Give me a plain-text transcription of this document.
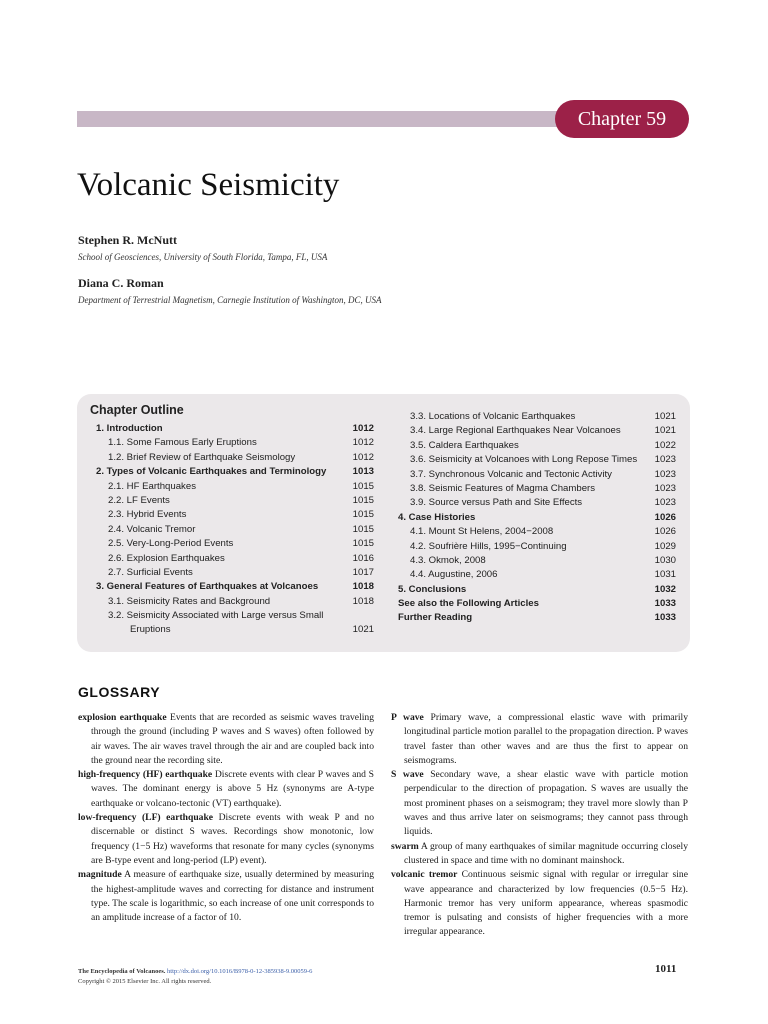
Chapter 59
Volcanic Seismicity
Stephen R. McNutt
School of Geosciences, University of South Florida, Tampa, FL, USA
Diana C. Roman
Department of Terrestrial Magnetism, Carnegie Institution of Washington, DC, USA
Chapter Outline
1. Introduction	1012
1.1. Some Famous Early Eruptions	1012
1.2. Brief Review of Earthquake Seismology	1012
2. Types of Volcanic Earthquakes and Terminology	1013
2.1. HF Earthquakes	1015
2.2. LF Events	1015
2.3. Hybrid Events	1015
2.4. Volcanic Tremor	1015
2.5. Very-Long-Period Events	1015
2.6. Explosion Earthquakes	1016
2.7. Surficial Events	1017
3. General Features of Earthquakes at Volcanoes	1018
3.1. Seismicity Rates and Background	1018
3.2. Seismicity Associated with Large versus Small
Eruptions	1021
3.3. Locations of Volcanic Earthquakes	1021
3.4. Large Regional Earthquakes Near Volcanoes	1021
3.5. Caldera Earthquakes	1022
3.6. Seismicity at Volcanoes with Long Repose Times 1023
3.7. Synchronous Volcanic and Tectonic Activity	1023
3.8. Seismic Features of Magma Chambers	1023
3.9. Source versus Path and Site Effects	1023
4. Case Histories	1026
4.1. Mount St Helens, 2004−2008	1026
4.2. Soufrière Hills, 1995−Continuing	1029
4.3. Okmok, 2008	1030
4.4. Augustine, 2006	1031
5. Conclusions	1032
See also the Following Articles	1033
Further Reading	1033
GLOSSARY

explosion earthquake Events that are recorded as seismic waves traveling through the ground (including P waves and S waves) often followed by air waves. The air waves travel through the air and are coupled back into the ground near the recording site.

high-frequency (HF) earthquake Discrete events with clear P waves and S waves. The dominant energy is above 5 Hz (synonyms are A-type earthquake or volcano-tectonic (VT) earthquake).

low-frequency (LF) earthquake Discrete events with weak P and no discernable or distinct S waves. Recordings show monotonic, low frequency (1−5 Hz) waveforms that resonate for many cycles (synonyms are B-type event and long-period (LP) event).

magnitude A measure of earthquake size, usually determined by measuring the highest-amplitude waves and correcting for distance and instrument type. The scale is logarithmic, so each increase of one unit corresponds to an amplitude increase of a factor of 10.

P wave Primary wave, a compressional elastic wave with primarily longitudinal particle motion parallel to the propagation direction. P waves travel faster than other waves and are thus the first to appear on seismograms.

S wave Secondary wave, a shear elastic wave with particle motion perpendicular to the direction of propagation. S waves are usually the most prominent phases on a seismogram; they travel more slowly than P waves and thus arrive later on seismograms; they cannot pass through liquids.

swarm A group of many earthquakes of similar magnitude occurring closely clustered in space and time with no dominant mainshock.

volcanic tremor Continuous seismic signal with regular or irregular sine wave appearance and characterized by low frequencies (0.5−5 Hz). Harmonic tremor has very uniform appearance, whereas spasmodic tremor is pulsating and consists of higher frequencies with a more irregular appearance.

The Encyclopedia of Volcanoes. http://dx.doi.org/10.1016/B978-0-12-385938-9.00059-6
Copyright © 2015 Elsevier Inc. All rights reserved.
1011
